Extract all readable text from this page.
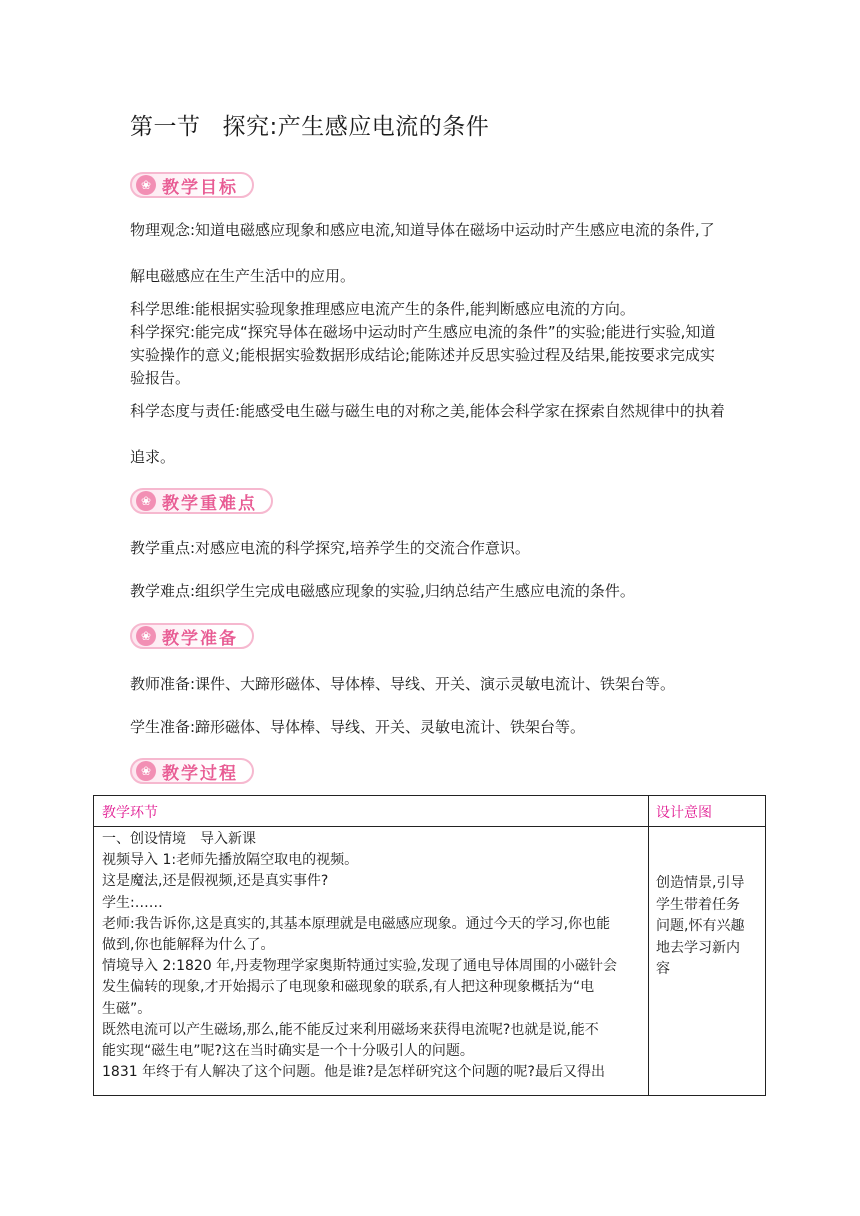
第一节 探究:产生感应电流的条件
❀ 教学目标
物理观念:知道电磁感应现象和感应电流,知道导体在磁场中运动时产生感应电流的条件,了
解电磁感应在生产生活中的应用。
科学思维:能根据实验现象推理感应电流产生的条件,能判断感应电流的方向。
科学探究:能完成“探究导体在磁场中运动时产生感应电流的条件”的实验;能进行实验,知道
实验操作的意义;能根据实验数据形成结论;能陈述并反思实验过程及结果,能按要求完成实
验报告。
科学态度与责任:能感受电生磁与磁生电的对称之美,能体会科学家在探索自然规律中的执着
追求。
❀ 教学重难点
教学重点:对感应电流的科学探究,培养学生的交流合作意识。
教学难点:组织学生完成电磁感应现象的实验,归纳总结产生感应电流的条件。
❀ 教学准备
教师准备:课件、大蹄形磁体、导体棒、导线、开关、演示灵敏电流计、铁架台等。
学生准备:蹄形磁体、导体棒、导线、开关、灵敏电流计、铁架台等。
❀ 教学过程
教学环节	设计意图
一、创设情境　导入新课
视频导入 1:老师先播放隔空取电的视频。
这是魔法,还是假视频,还是真实事件?
学生:……
老师:我告诉你,这是真实的,其基本原理就是电磁感应现象。通过今天的学习,你也能
做到,你也能解释为什么了。
情境导入 2:1820 年,丹麦物理学家奥斯特通过实验,发现了通电导体周围的小磁针会
发生偏转的现象,才开始揭示了电现象和磁现象的联系,有人把这种现象概括为“电
生磁”。
既然电流可以产生磁场,那么,能不能反过来利用磁场来获得电流呢?也就是说,能不
能实现“磁生电”呢?这在当时确实是一个十分吸引人的问题。
1831 年终于有人解决了这个问题。他是谁?是怎样研究这个问题的呢?最后又得出
创造情景,引导
学生带着任务
问题,怀有兴趣
地去学习新内
容
